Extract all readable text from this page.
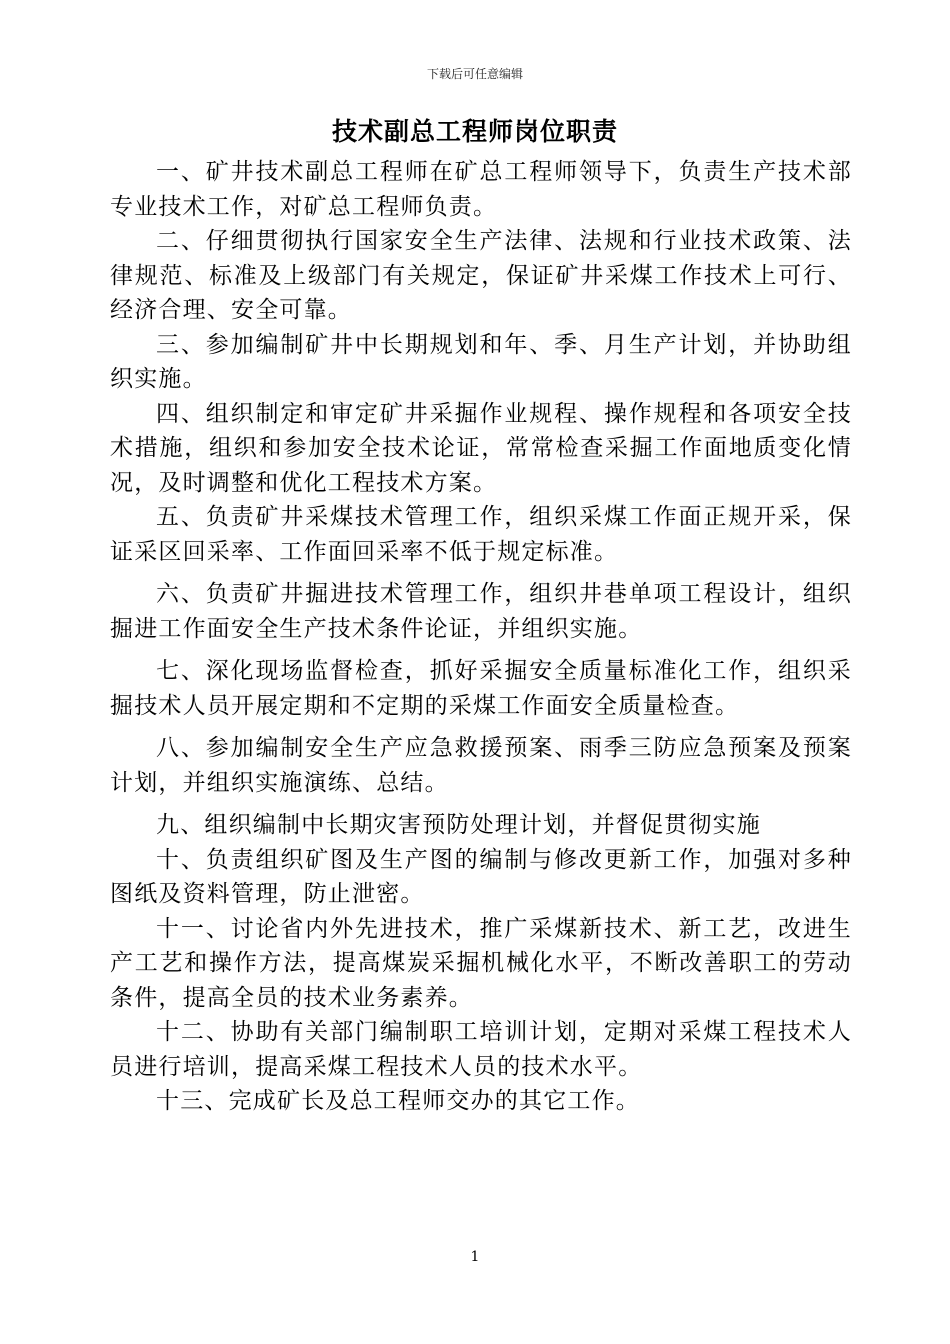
下载后可任意编辑
技术副总工程师岗位职责

一、矿井技术副总工程师在矿总工程师领导下，负责生产技术部专业技术工作，对矿总工程师负责。

二、仔细贯彻执行国家安全生产法律、法规和行业技术政策、法律规范、标准及上级部门有关规定，保证矿井采煤工作技术上可行、经济合理、安全可靠。

三、参加编制矿井中长期规划和年、季、月生产计划，并协助组织实施。

四、组织制定和审定矿井采掘作业规程、操作规程和各项安全技术措施，组织和参加安全技术论证，常常检查采掘工作面地质变化情况，及时调整和优化工程技术方案。

五、负责矿井采煤技术管理工作，组织采煤工作面正规开采，保证采区回采率、工作面回采率不低于规定标准。

六、负责矿井掘进技术管理工作，组织井巷单项工程设计，组织掘进工作面安全生产技术条件论证，并组织实施。

七、深化现场监督检查，抓好采掘安全质量标准化工作，组织采掘技术人员开展定期和不定期的采煤工作面安全质量检查。

八、参加编制安全生产应急救援预案、雨季三防应急预案及预案计划，并组织实施演练、总结。

九、组织编制中长期灾害预防处理计划，并督促贯彻实施

十、负责组织矿图及生产图的编制与修改更新工作，加强对多种图纸及资料管理，防止泄密。

十一、讨论省内外先进技术，推广采煤新技术、新工艺，改进生产工艺和操作方法，提高煤炭采掘机械化水平，不断改善职工的劳动条件，提高全员的技术业务素养。

十二、协助有关部门编制职工培训计划，定期对采煤工程技术人员进行培训，提高采煤工程技术人员的技术水平。

十三、完成矿长及总工程师交办的其它工作。

1
